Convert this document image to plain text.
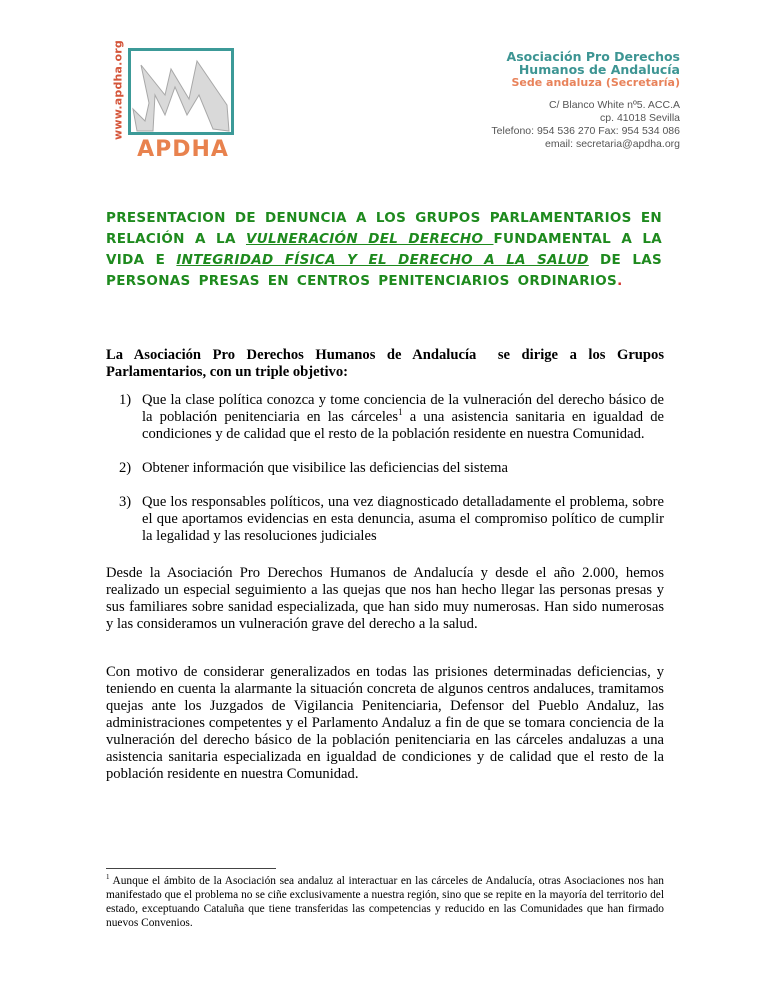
www.apdha.org
APDHA
Asociación Pro Derechos
Humanos de Andalucía
Sede andaluza (Secretaría)
C/ Blanco White nº5. ACC.A
cp. 41018 Sevilla
Telefono: 954 536 270 Fax: 954 534 086
email: secretaria@apdha.org
PRESENTACION DE DENUNCIA A LOS GRUPOS PARLAMENTARIOS EN RELACIÓN A LA VULNERACIÓN DEL DERECHO FUNDAMENTAL A LA VIDA E INTEGRIDAD FÍSICA Y EL DERECHO A LA SALUD DE LAS PERSONAS PRESAS EN CENTROS PENITENCIARIOS ORDINARIOS.
La Asociación Pro Derechos Humanos de Andalucía se dirige a los Grupos Parlamentarios, con un triple objetivo:
1) Que la clase política conozca y tome conciencia de la vulneración del derecho básico de la población penitenciaria en las cárceles$^1$ a una asistencia sanitaria en igualdad de condiciones y de calidad que el resto de la población residente en nuestra Comunidad.
2) Obtener información que visibilice las deficiencias del sistema
3) Que los responsables políticos, una vez diagnosticado detalladamente el problema, sobre el que aportamos evidencias en esta denuncia, asuma el compromiso político de cumplir la legalidad y las resoluciones judiciales
Desde la Asociación Pro Derechos Humanos de Andalucía y desde el año 2.000, hemos realizado un especial seguimiento a las quejas que nos han hecho llegar las personas presas y sus familiares sobre sanidad especializada, que han sido muy numerosas. Han sido numerosas y las consideramos un vulneración grave del derecho a la salud.
Con motivo de considerar generalizados en todas las prisiones determinadas deficiencias, y teniendo en cuenta la alarmante la situación concreta de algunos centros andaluces, tramitamos quejas ante los Juzgados de Vigilancia Penitenciaria, Defensor del Pueblo Andaluz, las administraciones competentes y el Parlamento Andaluz a fin de que se tomara conciencia de la vulneración del derecho básico de la población penitenciaria en las cárceles andaluzas a una asistencia sanitaria especializada en igualdad de condiciones y de calidad que el resto de la población residente en nuestra Comunidad.
$^1$ Aunque el ámbito de la Asociación sea andaluz al interactuar en las cárceles de Andalucía, otras Asociaciones nos han manifestado que el problema no se ciñe exclusivamente a nuestra región, sino que se repite en la mayoría del territorio del estado, exceptuando Cataluña que tiene transferidas las competencias y reducido en las Comunidades que han firmado nuevos Convenios.
